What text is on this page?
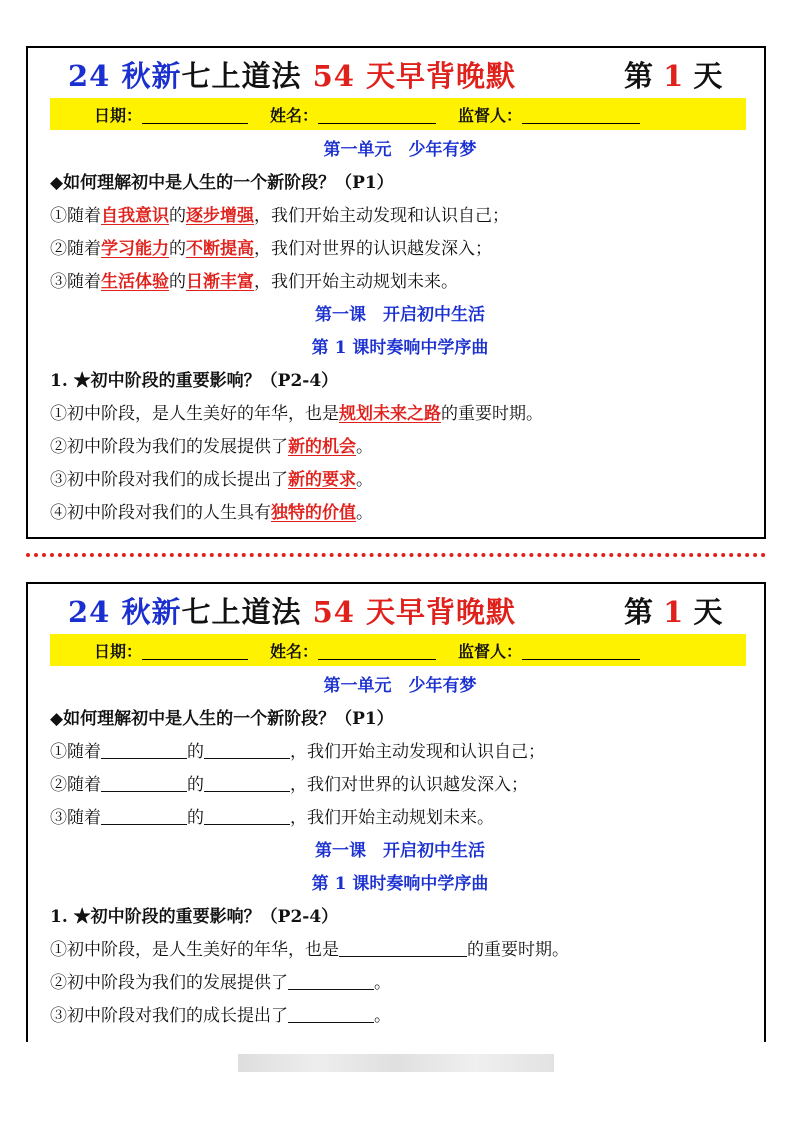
24 秋新七上道法 54 天早背晚默	第 1 天
日期：	姓名：	监督人：
第一单元　少年有梦
◆如何理解初中是人生的一个新阶段？（P1）
①随着自我意识的逐步增强，我们开始主动发现和认识自己；
②随着学习能力的不断提高，我们对世界的认识越发深入；
③随着生活体验的日渐丰富，我们开始主动规划未来。
第一课　开启初中生活
第 1 课时奏响中学序曲
1. ★初中阶段的重要影响？（P2-4）
①初中阶段，是人生美好的年华，也是规划未来之路的重要时期。
②初中阶段为我们的发展提供了新的机会。
③初中阶段对我们的成长提出了新的要求。
④初中阶段对我们的人生具有独特的价值。
24 秋新七上道法 54 天早背晚默	第 1 天
日期：	姓名：	监督人：
第一单元　少年有梦
◆如何理解初中是人生的一个新阶段？（P1）
①随着	的	，我们开始主动发现和认识自己；
②随着	的	，我们对世界的认识越发深入；
③随着	的	，我们开始主动规划未来。
第一课　开启初中生活
第 1 课时奏响中学序曲
1. ★初中阶段的重要影响？（P2-4）
①初中阶段，是人生美好的年华，也是	的重要时期。
②初中阶段为我们的发展提供了	。
③初中阶段对我们的成长提出了	。
